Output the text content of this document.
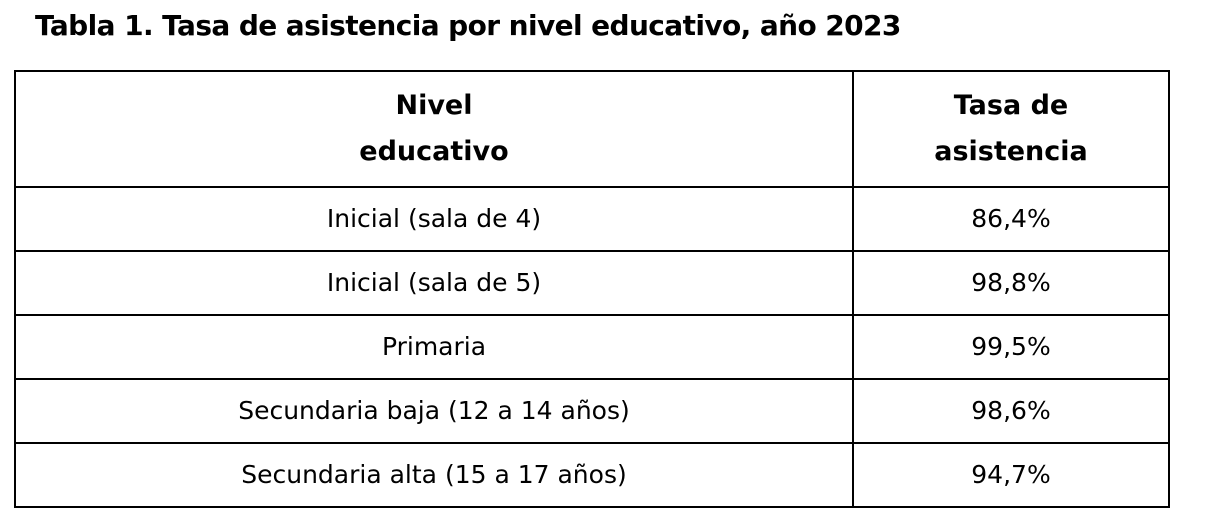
Tabla 1. Tasa de asistencia por nivel educativo, año 2023
Nivel educativo	Tasa de asistencia
Inicial (sala de 4)	86,4%
Inicial (sala de 5)	98,8%
Primaria	99,5%
Secundaria baja (12 a 14 años)	98,6%
Secundaria alta (15 a 17 años)	94,7%
